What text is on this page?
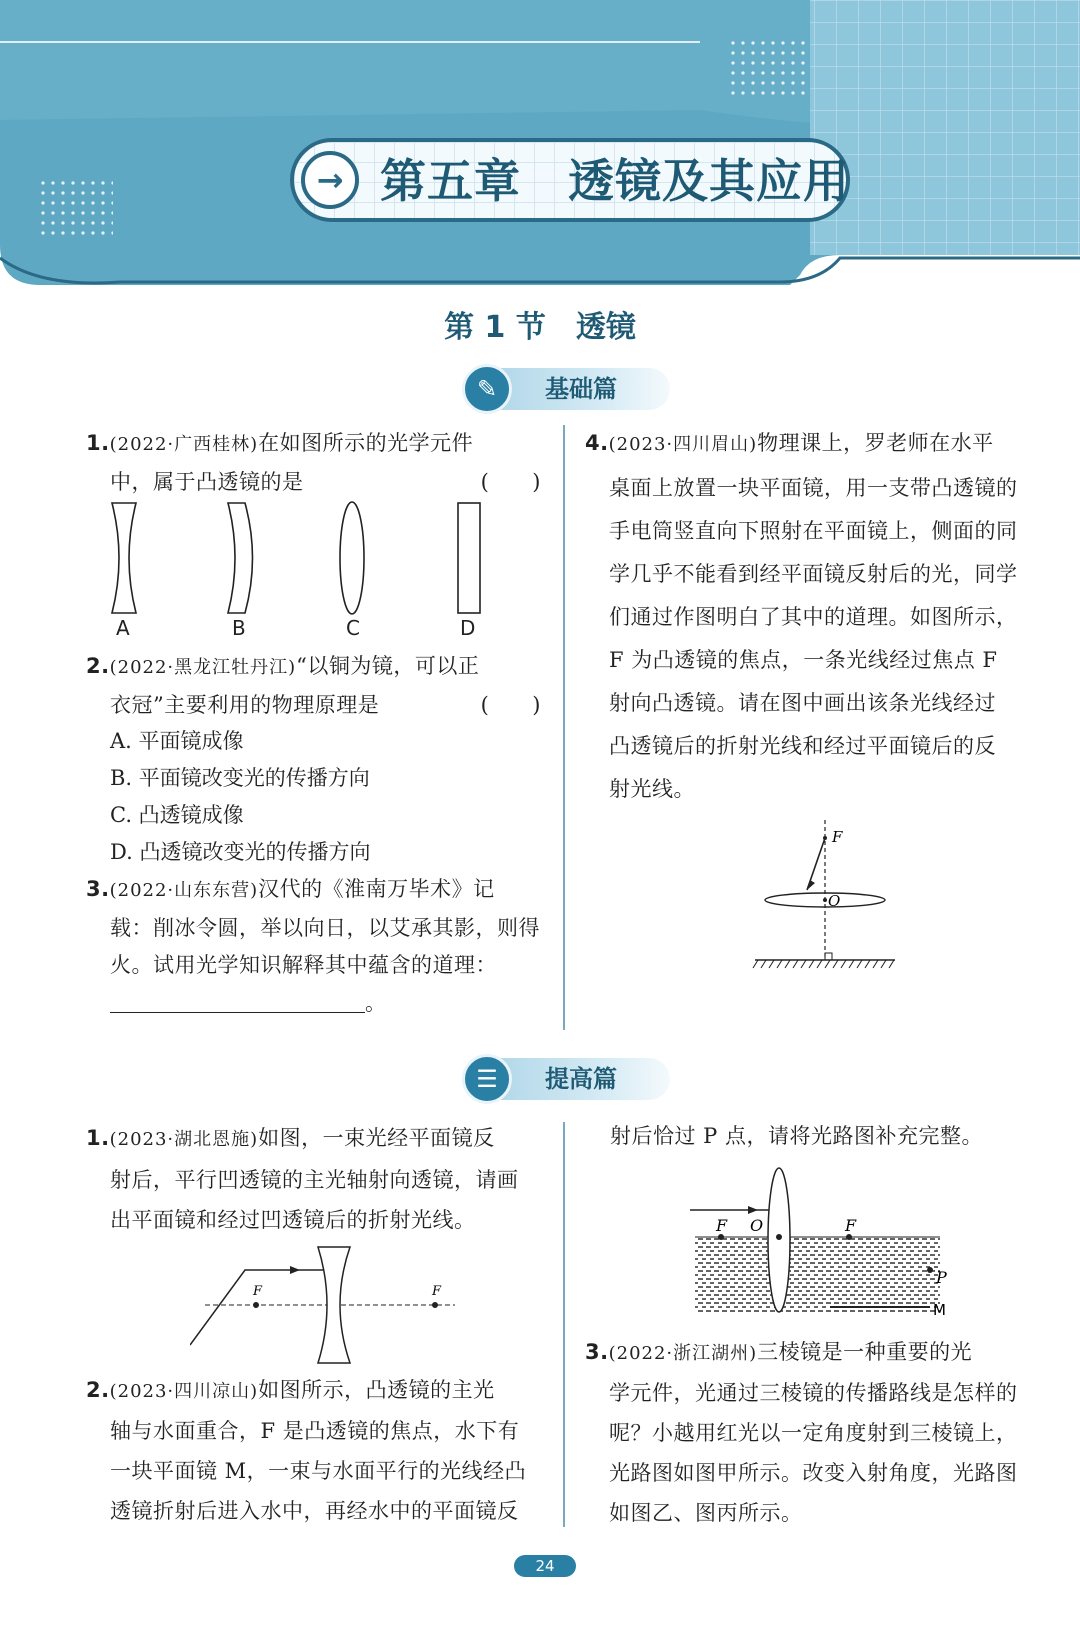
→ 第五章　透镜及其应用
第 1 节　透镜
✎	基础篇
1.(2022·广西桂林)在如图所示的光学元件
中，属于凸透镜的是	(　　)
A	B	C	D
2.(2022·黑龙江牡丹江)“以铜为镜，可以正
衣冠”主要利用的物理原理是	(　　)
A. 平面镜成像
B. 平面镜改变光的传播方向
C. 凸透镜成像
D. 凸透镜改变光的传播方向
3.(2022·山东东营)汉代的《淮南万毕术》记
载：削冰令圆，举以向日，以艾承其影，则得
火。试用光学知识解释其中蕴含的道理：
。
4.(2023·四川眉山)物理课上，罗老师在水平
桌面上放置一块平面镜，用一支带凸透镜的
手电筒竖直向下照射在平面镜上，侧面的同
学几乎不能看到经平面镜反射后的光，同学
们通过作图明白了其中的道理。如图所示，
F 为凸透镜的焦点，一条光线经过焦点 F
射向凸透镜。请在图中画出该条光线经过
凸透镜后的折射光线和经过平面镜后的反
射光线。
F
O
☰	提高篇
1.(2023·湖北恩施)如图，一束光经平面镜反
射后，平行凹透镜的主光轴射向透镜，请画
出平面镜和经过凹透镜后的折射光线。
F	F
2.(2023·四川凉山)如图所示，凸透镜的主光
轴与水面重合，F 是凸透镜的焦点，水下有
一块平面镜 M，一束与水面平行的光线经凸
透镜折射后进入水中，再经水中的平面镜反
射后恰过 P 点，请将光路图补充完整。
F O	F
P
M
3.(2022·浙江湖州)三棱镜是一种重要的光
学元件，光通过三棱镜的传播路线是怎样的
呢？小越用红光以一定角度射到三棱镜上，
光路图如图甲所示。改变入射角度，光路图
如图乙、图丙所示。
24
